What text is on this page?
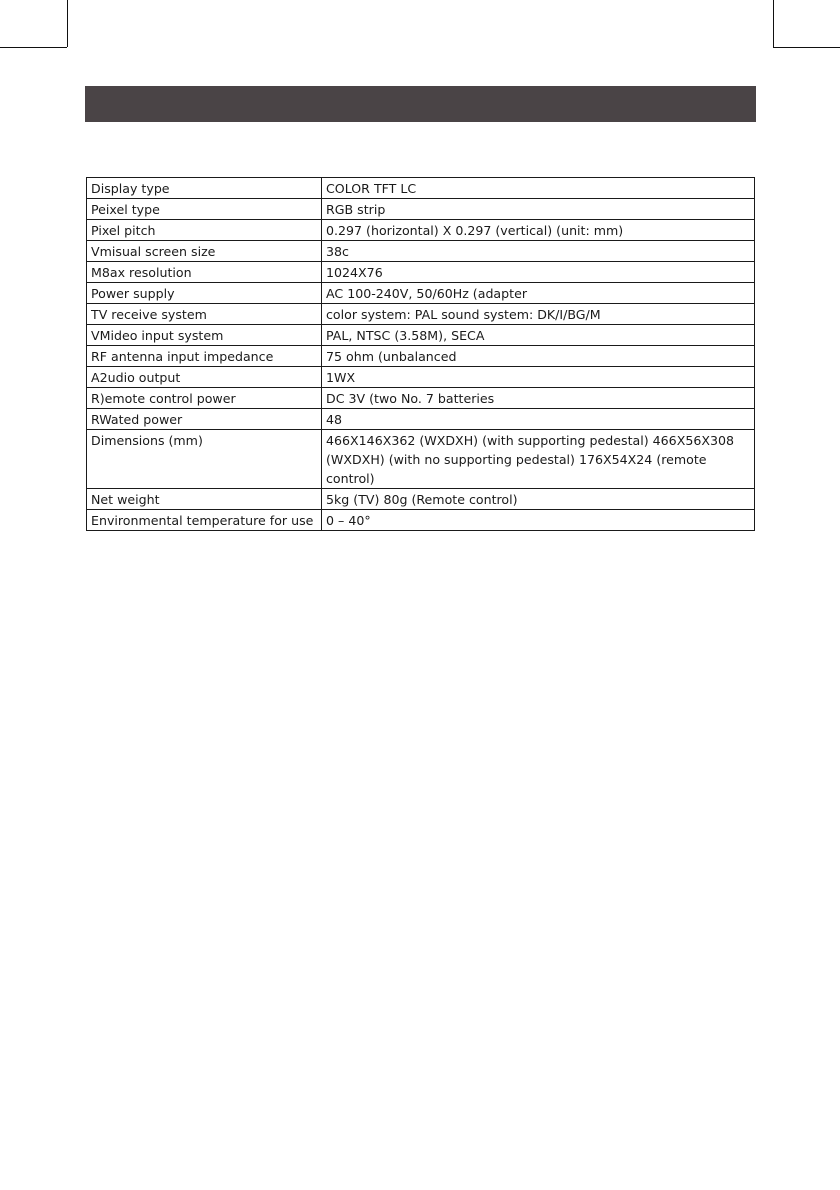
Display type	COLOR TFT LC
Peixel type	RGB strip
Pixel pitch	0.297 (horizontal) X 0.297 (vertical) (unit: mm)
Vmisual screen size	38c
M8ax resolution	1024X76
Power supply	AC 100-240V, 50/60Hz (adapter
TV receive system	color system: PAL sound system: DK/I/BG/M
VMideo input system	PAL, NTSC (3.58M), SECA
RF antenna input impedance	75 ohm (unbalanced
A2udio output	1WX
R)emote control power	DC 3V (two No. 7 batteries
RWated power	48
Dimensions (mm)	466X146X362 (WXDXH) (with supporting pedestal) 466X56X308 (WXDXH) (with no supporting pedestal) 176X54X24 (remote control)
Net weight	5kg (TV) 80g (Remote control)
Environmental temperature for use	0 – 40°
